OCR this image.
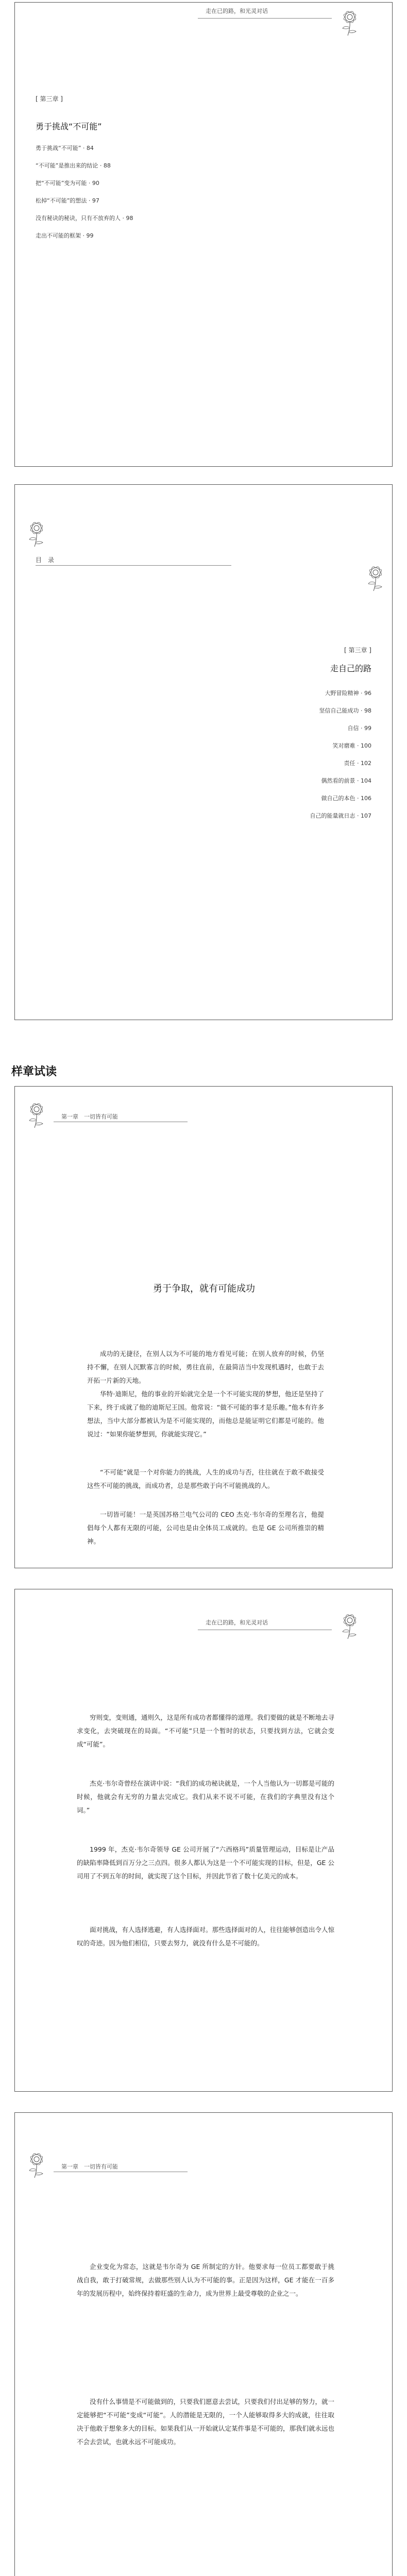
走在已的路，和光灵对话
[ 第三章 ]
勇于挑战“不可能”
勇于挑战“不可能” · 84
“不可能”是推出来的结论 · 88
把“不可能”变为可能 · 90
松掉“不可能”的想法 · 97
没有秘诀的秘诀，只有不放弃的人 · 98
走出不可能的框架 · 99
目　录
[ 第三章 ]
走自己的路
大野冒险精神 · 96
坚信自己能成功 · 98
自信 · 99
笑对磨难 · 100
责任 · 102
偶然看的前景 · 104
做自己的本色 · 106
自己的能量就日志 · 107
样章试读
第一章　一切皆有可能
勇于争取，就有可能成功

成功的无捷径，在别人以为不可能的地方看见可能；在别人放弃的时候，仍坚持不懈，在别人沉默寡言的时候，勇往直前，在最简洁当中发现机遇时，也敢于去开拓一片新的天地。

华特·迪斯尼，他的事业的开始就完全是一个不可能实现的梦想，他还是坚持了下来，终于成就了他的迪斯尼王国。他常说：“做不可能的事才是乐趣。”他本有许多想法，当中大部分都被认为是不可能实现的，而他总是能证明它们都是可能的。他说过：“如果你能梦想到，你就能实现它。”

“不可能”就是一个对你能力的挑战，人生的成功与否，往往就在于敢不敢接受这些不可能的挑战，而成功者，总是那些敢于向不可能挑战的人。

一切皆可能！一是英国苏格兰电气公司的 CEO 杰克·韦尔奇的至理名言，他提倡每个人都有无限的可能，公司也是由全体员工成就的。也是 GE 公司所推崇的精神。

走在已的路，和光灵对话

穷则变，变则通，通则久，这是所有成功者都懂得的道理。我们要做的就是不断地去寻求变化，去突破现在的局面。“不可能”只是一个暂时的状态，只要找到方法，它就会变成“可能”。

杰克·韦尔奇曾经在演讲中说：“我们的成功秘诀就是，一个人当他认为一切都是可能的时候，他就会有无穷的力量去完成它。我们从来不说不可能，在我们的字典里没有这个词。”

1999 年，杰克·韦尔奇领导 GE 公司开展了“六西格玛”质量管理运动，目标是让产品的缺陷率降低到百万分之三点四。很多人都认为这是一个不可能实现的目标，但是，GE 公司用了不到五年的时间，就实现了这个目标，并因此节省了数十亿美元的成本。

面对挑战，有人选择逃避，有人选择面对。那些选择面对的人，往往能够创造出令人惊叹的奇迹。因为他们相信，只要去努力，就没有什么是不可能的。

第一章　一切皆有可能

企业变化为常态，这就是韦尔奇为 GE 所制定的方针。他要求每一位员工都要敢于挑战自我，敢于打破常规，去做那些别人认为不可能的事。正是因为这样，GE 才能在一百多年的发展历程中，始终保持着旺盛的生命力，成为世界上最受尊敬的企业之一。

没有什么事情是不可能做到的，只要我们愿意去尝试，只要我们付出足够的努力，就一定能够把“不可能”变成“可能”。人的潜能是无限的，一个人能够取得多大的成就，往往取决于他敢于想象多大的目标。如果我们从一开始就认定某件事是不可能的，那我们就永远也不会去尝试，也就永远不可能成功。
